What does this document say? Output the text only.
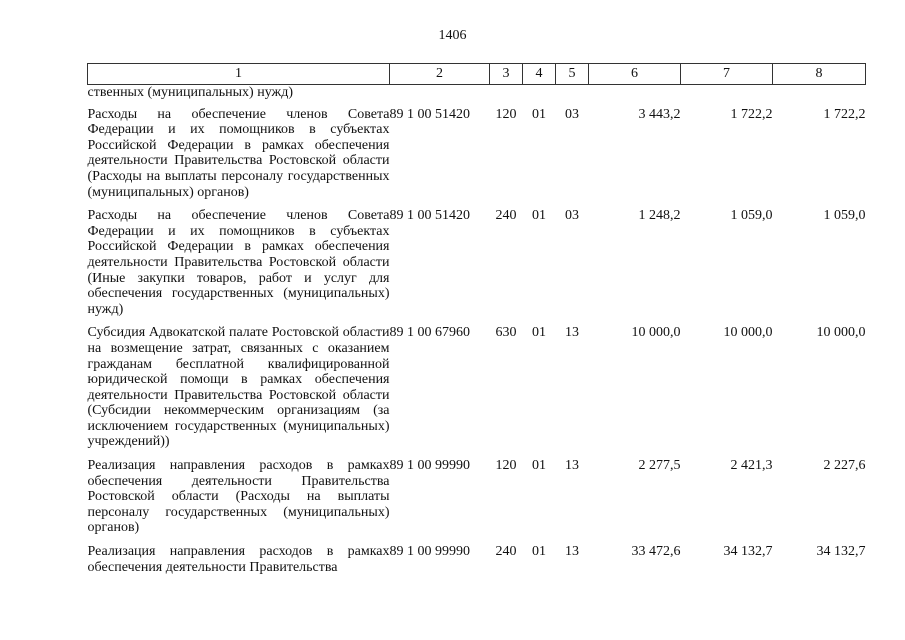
1406
1	2	3	4	5	6	7	8
ственных (муниципальных) нужд)							
Расходы на обеспечение членов Совета Федерации и их помощников в субъектах Российской Федерации в рамках обеспечения деятельности Правительства Ростовской области (Расходы на выплаты персоналу государственных (муниципальных) органов)	89 1 00 51420	120	01	03	3 443,2	1 722,2	1 722,2
Расходы на обеспечение членов Совета Федерации и их помощников в субъектах Российской Федерации в рамках обеспечения деятельности Правительства Ростовской области (Иные закупки товаров, работ и услуг для обеспечения государственных (муниципальных) нужд)	89 1 00 51420	240	01	03	1 248,2	1 059,0	1 059,0
Субсидия Адвокатской палате Ростовской области на возмещение затрат, связанных с оказанием гражданам бесплатной квалифицированной юридической помощи в рамках обеспечения деятельности Правительства Ростовской области (Субсидии некоммерческим организациям (за исключением государственных (муниципальных) учреждений))	89 1 00 67960	630	01	13	10 000,0	10 000,0	10 000,0
Реализация направления расходов в рамках обеспечения деятельности Правительства Ростовской области (Расходы на выплаты персоналу государственных (муниципальных) органов)	89 1 00 99990	120	01	13	2 277,5	2 421,3	2 227,6
Реализация направления расходов в рамках обеспечения деятельности Правительства	89 1 00 99990	240	01	13	33 472,6	34 132,7	34 132,7
